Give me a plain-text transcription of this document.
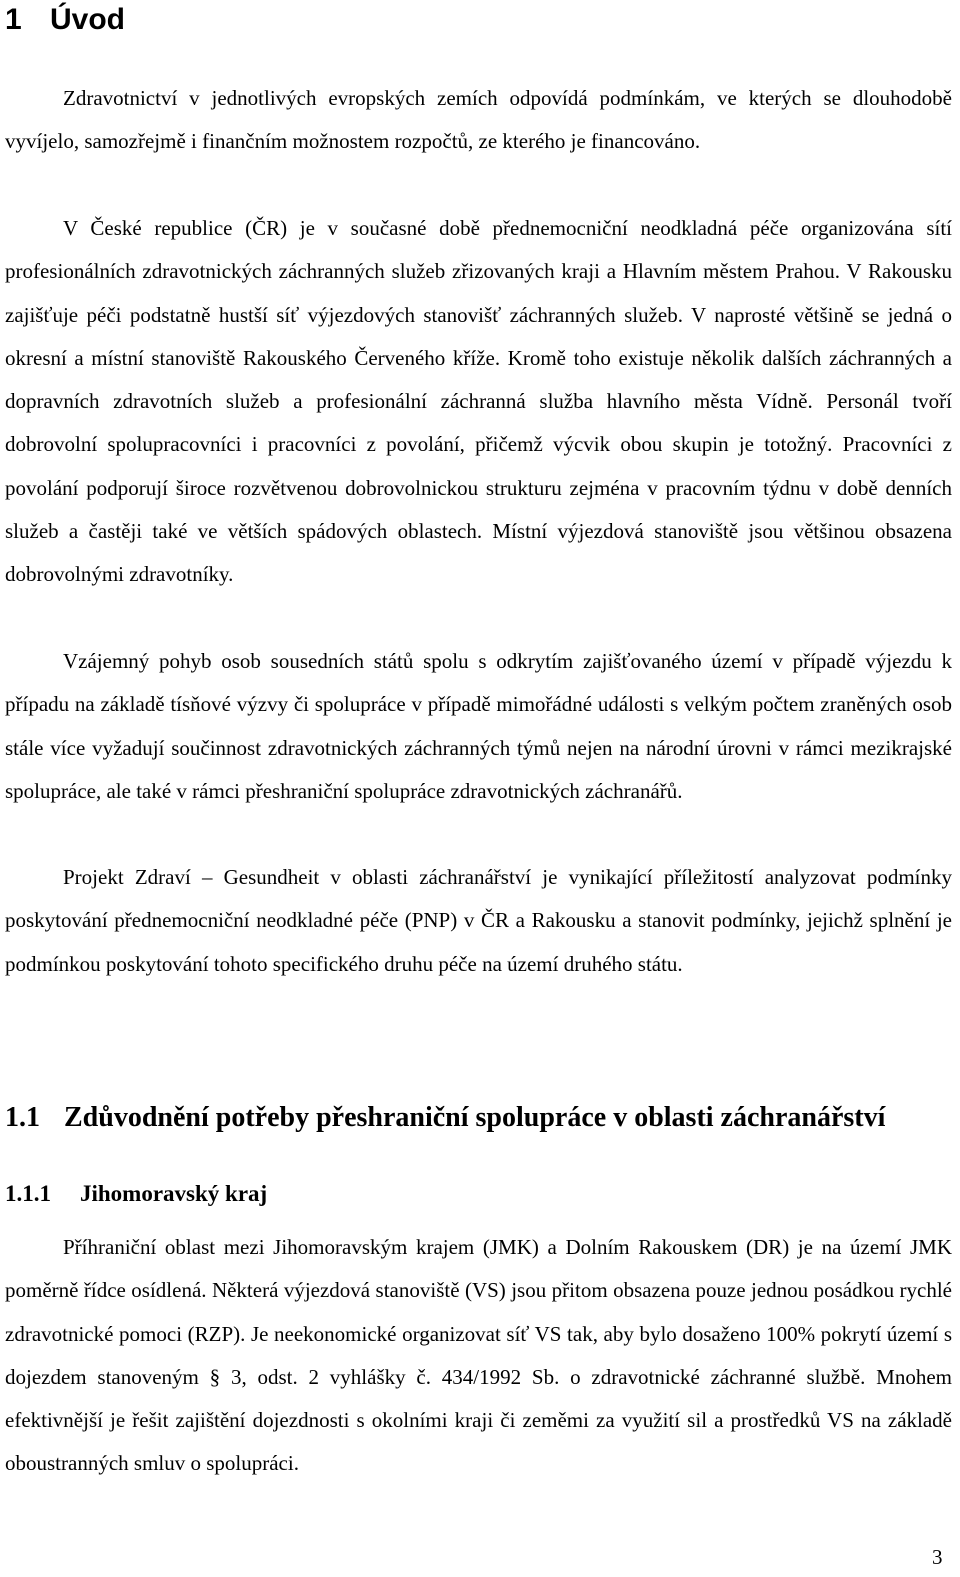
1 Úvod

Zdravotnictví v jednotlivých evropských zemích odpovídá podmínkám, ve kterých se dlouhodobě vyvíjelo, samozřejmě i finančním možnostem rozpočtů, ze kterého je financováno.

V České republice (ČR) je v současné době přednemocniční neodkladná péče organizována sítí profesionálních zdravotnických záchranných služeb zřizovaných kraji a Hlavním městem Prahou. V Rakousku zajišťuje péči podstatně hustší síť výjezdových stanovišť záchranných služeb. V naprosté většině se jedná o okresní a místní stanoviště Rakouského Červeného kříže. Kromě toho existuje několik dalších záchranných a dopravních zdravotních služeb a profesionální záchranná služba hlavního města Vídně. Personál tvoří dobrovolní spolupracovníci i pracovníci z povolání, přičemž výcvik obou skupin je totožný. Pracovníci z povolání podporují široce rozvětvenou dobrovolnickou strukturu zejména v pracovním týdnu v době denních služeb a častěji také ve větších spádových oblastech. Místní výjezdová stanoviště jsou většinou obsazena dobrovolnými zdravotníky.

Vzájemný pohyb osob sousedních států spolu s odkrytím zajišťovaného území v případě výjezdu k případu na základě tísňové výzvy či spolupráce v případě mimořádné události s velkým počtem zraněných osob stále více vyžadují součinnost zdravotnických záchranných týmů nejen na národní úrovni v rámci mezikrajské spolupráce, ale také v rámci přeshraniční spolupráce zdravotnických záchranářů.

Projekt Zdraví – Gesundheit v oblasti záchranářství je vynikající příležitostí analyzovat podmínky poskytování přednemocniční neodkladné péče (PNP) v ČR a Rakousku a stanovit podmínky, jejichž splnění je podmínkou poskytování tohoto specifického druhu péče na území druhého státu.

1.1 Zdůvodnění potřeby přeshraniční spolupráce v oblasti záchranářství
1.1.1 Jihomoravský kraj

Příhraniční oblast mezi Jihomoravským krajem (JMK) a Dolním Rakouskem (DR) je na území JMK poměrně řídce osídlená. Některá výjezdová stanoviště (VS) jsou přitom obsazena pouze jednou posádkou rychlé zdravotnické pomoci (RZP). Je neekonomické organizovat síť VS tak, aby bylo dosaženo 100% pokrytí území s dojezdem stanoveným § 3, odst. 2 vyhlášky č. 434/1992 Sb. o zdravotnické záchranné službě. Mnohem efektivnější je řešit zajištění dojezdnosti s okolními kraji či zeměmi za využití sil a prostředků VS na základě oboustranných smluv o spolupráci.

3
